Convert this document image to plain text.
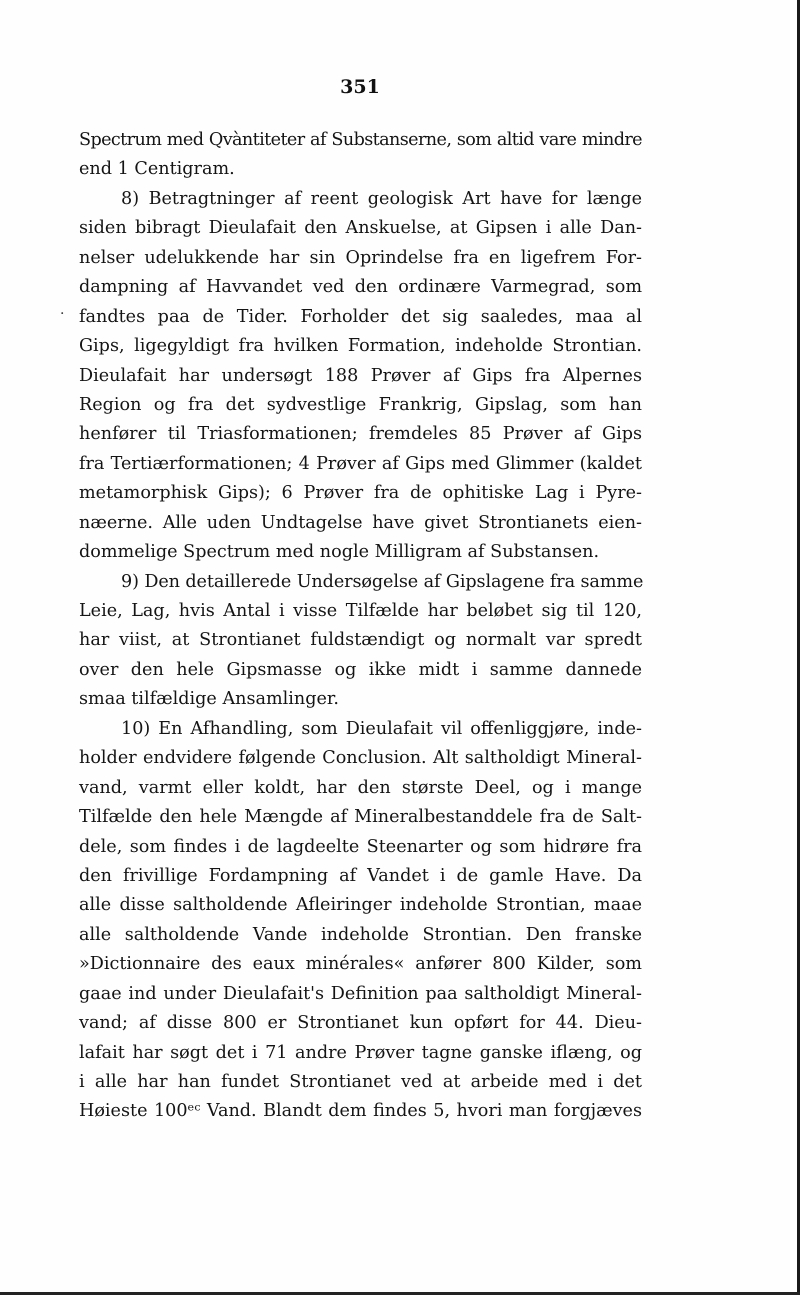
351
·
Spectrum med Qvàntiteter af Substanserne, som altid vare mindre
end 1 Centigram.
8) Betragtninger af reent geologisk Art have for længe
siden bibragt Dieulafait den Anskuelse, at Gipsen i alle Dan-
nelser udelukkende har sin Oprindelse fra en ligefrem For-
dampning af Havvandet ved den ordinære Varmegrad, som
fandtes paa de Tider. Forholder det sig saaledes, maa al
Gips, ligegyldigt fra hvilken Formation, indeholde Strontian.
Dieulafait har undersøgt 188 Prøver af Gips fra Alpernes
Region og fra det sydvestlige Frankrig, Gipslag, som han
henfører til Triasformationen; fremdeles 85 Prøver af Gips
fra Tertiærformationen; 4 Prøver af Gips med Glimmer (kaldet
metamorphisk Gips); 6 Prøver fra de ophitiske Lag i Pyre-
næerne. Alle uden Undtagelse have givet Strontianets eien-
dommelige Spectrum med nogle Milligram af Substansen.
9) Den detaillerede Undersøgelse af Gipslagene fra samme
Leie, Lag, hvis Antal i visse Tilfælde har beløbet sig til 120,
har viist, at Strontianet fuldstændigt og normalt var spredt
over den hele Gipsmasse og ikke midt i samme dannede
smaa tilfældige Ansamlinger.
10) En Afhandling, som Dieulafait vil offenliggjøre, inde-
holder endvidere følgende Conclusion. Alt saltholdigt Mineral-
vand, varmt eller koldt, har den største Deel, og i mange
Tilfælde den hele Mængde af Mineralbestanddele fra de Salt-
dele, som findes i de lagdeelte Steenarter og som hidrøre fra
den frivillige Fordampning af Vandet i de gamle Have. Da
alle disse saltholdende Afleiringer indeholde Strontian, maae
alle saltholdende Vande indeholde Strontian. Den franske
»Dictionnaire des eaux minérales« anfører 800 Kilder, som
gaae ind under Dieulafait's Definition paa saltholdigt Mineral-
vand; af disse 800 er Strontianet kun opført for 44. Dieu-
lafait har søgt det i 71 andre Prøver tagne ganske iflæng, og
i alle har han fundet Strontianet ved at arbeide med i det
Høieste 100ᵉᶜ Vand. Blandt dem findes 5, hvori man forgjæves
